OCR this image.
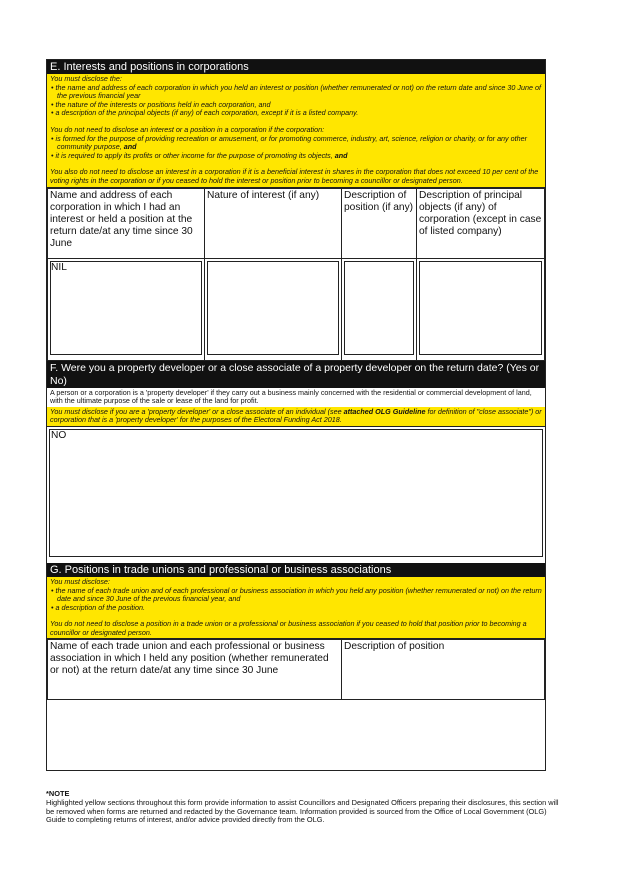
E. Interests and positions in corporations

You must disclose the:

• the name and address of each corporation in which you held an interest or position (whether remunerated or not) on the return date and since 30 June of the previous financial year
• the nature of the interests or positions held in each corporation, and
• a description of the principal objects (if any) of each corporation, except if it is a listed company.

You do not need to disclose an interest or a position in a corporation if the corporation:

• is formed for the purpose of providing recreation or amusement, or for promoting commerce, industry, art, science, religion or charity, or for any other community purpose, and
• it is required to apply its profits or other income for the purpose of promoting its objects, and

You also do not need to disclose an interest in a corporation if it is a beneficial interest in shares in the corporation that does not exceed 10 per cent of the voting rights in the corporation or if you ceased to hold the interest or position prior to becoming a councillor or designated person.

Name and address of each corporation in which I had an interest or held a position at the return date/at any time since 30 June	Nature of interest (if any)	Description of position (if any)	Description of principal objects (if any) of corporation (except in case of listed company)

NIL			

F. Were you a property developer or a close associate of a property developer on the return date? (Yes or No)
A person or a corporation is a 'property developer' if they carry out a business mainly concerned with the residential or commercial development of land, with the ultimate purpose of the sale or lease of the land for profit.
You must disclose if you are a 'property developer' or a close associate of an individual (see attached OLG Guideline for definition of "close associate") or corporation that is a 'property developer' for the purposes of the Electoral Funding Act 2018.
NO
G. Positions in trade unions and professional or business associations

You must disclose:

• the name of each trade union and of each professional or business association in which you held any position (whether remunerated or not) on the return date and since 30 June of the previous financial year, and
• a description of the position.

You do not need to disclose a position in a trade union or a professional or business association if you ceased to hold that position prior to becoming a councillor or designated person.

Name of each trade union and each professional or business association in which I held any position (whether remunerated or not) at the return date/at any time since 30 June	Description of position
*NOTE
Highlighted yellow sections throughout this form provide information to assist Councillors and Designated Officers preparing their disclosures, this section will be removed when forms are returned and redacted by the Governance team. Information provided is sourced from the Office of Local Government (OLG) Guide to completing returns of interest, and/or advice provided directly from the OLG.
